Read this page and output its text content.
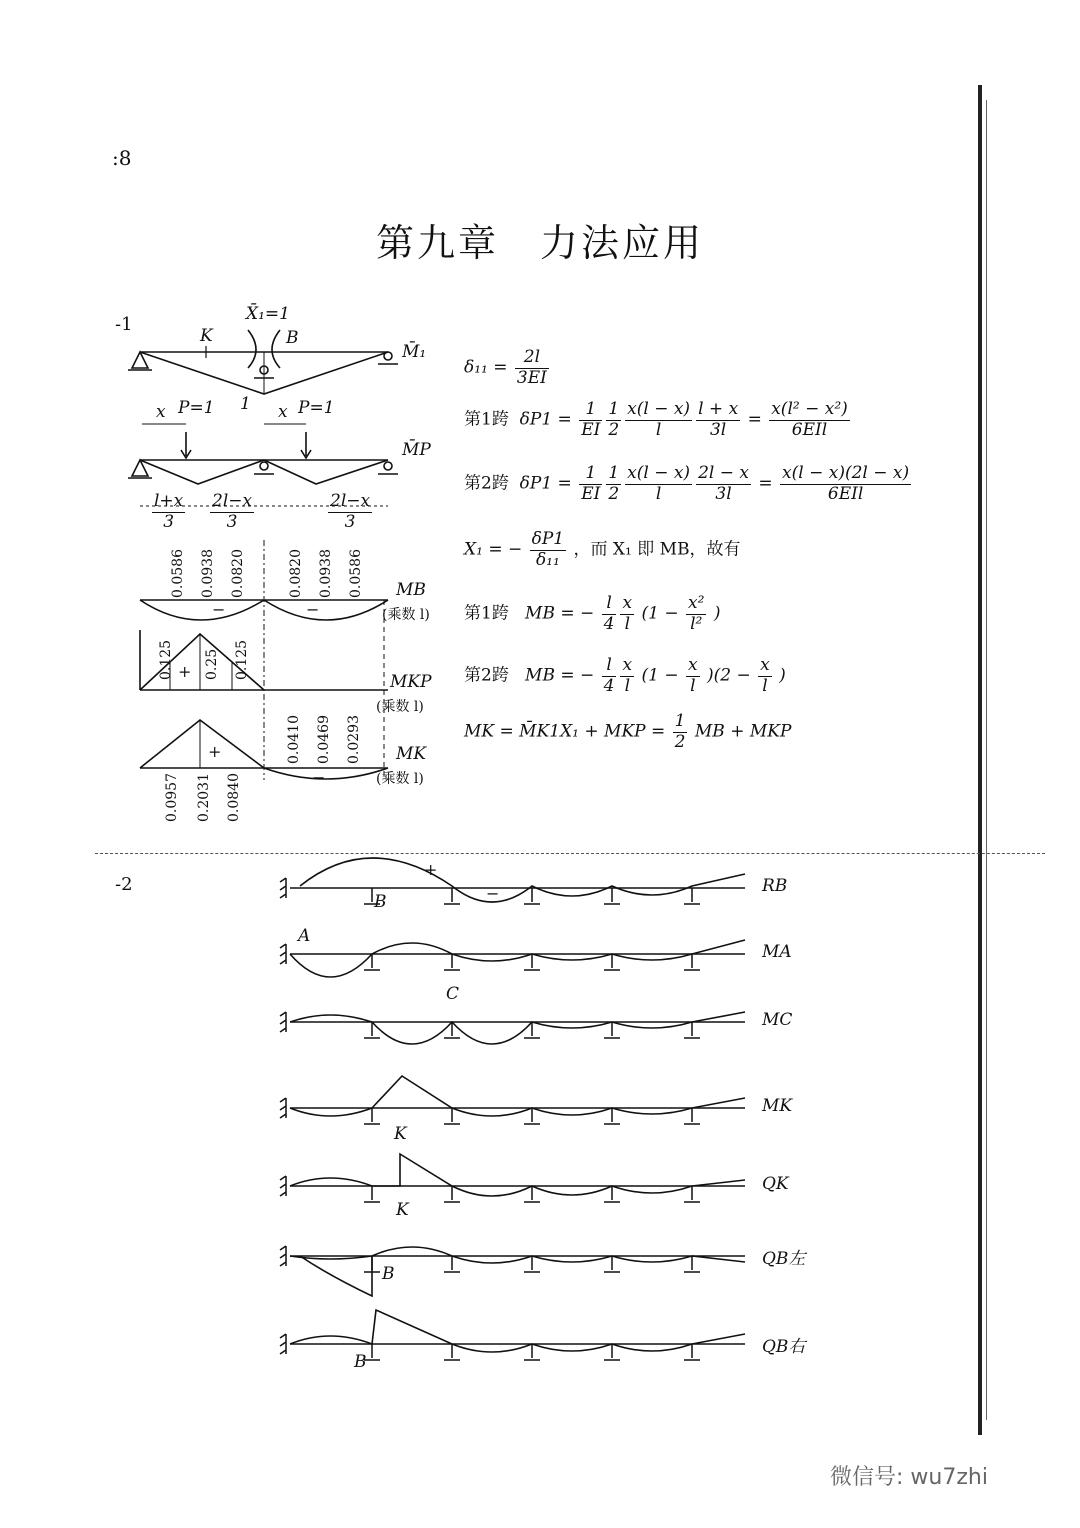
:8
第九章　力法应用
-1	X̄₁=1
K	B
1
M̄₁
x P=1	x P=1
M̄P
$\frac{l+x}{3} \frac{2l-x}{3}$	$\frac{2l-x}{3}$
0.0586 0.0938 0.0820	0.0820 0.0938 0.0586
−	−
MB
(乘数 l)
0.125 0.25 0.125
+
MKP
(乘数 l)
0.0410 0.0469 0.0293
0.0957 0.2031 0.0840
+
−
MK
(乘数 l)
$\delta_{11} = \frac{2l}{3EI}$
第1跨 $\delta P1 = \frac{1}{EI} \frac{1}{2} \frac{x(l - x)}{l} \frac{l + x}{3l} = \frac{\text{x(l² − x²)}}{\text{6EIl}}$
第2跨 $\delta P1 = \frac{1}{EI} \frac{1}{2} \frac{x(l - x)}{l} \frac{2l - x}{3l} = \frac{x(l - x)(2l - x)}{\text{6EIl}}$
X₁ = − $\frac{\delta P1}{\text{δ₁₁}}$ ，而 X₁ 即 MB，故有
第1跨 MB = − $\frac{l}{4} \frac{x}{l} (1 - \frac{\text{x²}}{\text{l²}}$ )
第2跨 MB = − $\frac{l}{4} \frac{x}{l} (1 - \frac{x}{l} )(2 - \frac{x}{l}$ )
MK = M̄K1X₁ + MKP = $\frac{1}{2}$ MB + MKP
-2	RB
B
MA
A
MC
C
MK
K
QK
K
QB左
B
QB右
B
+
−
微信号: wu7zhi
